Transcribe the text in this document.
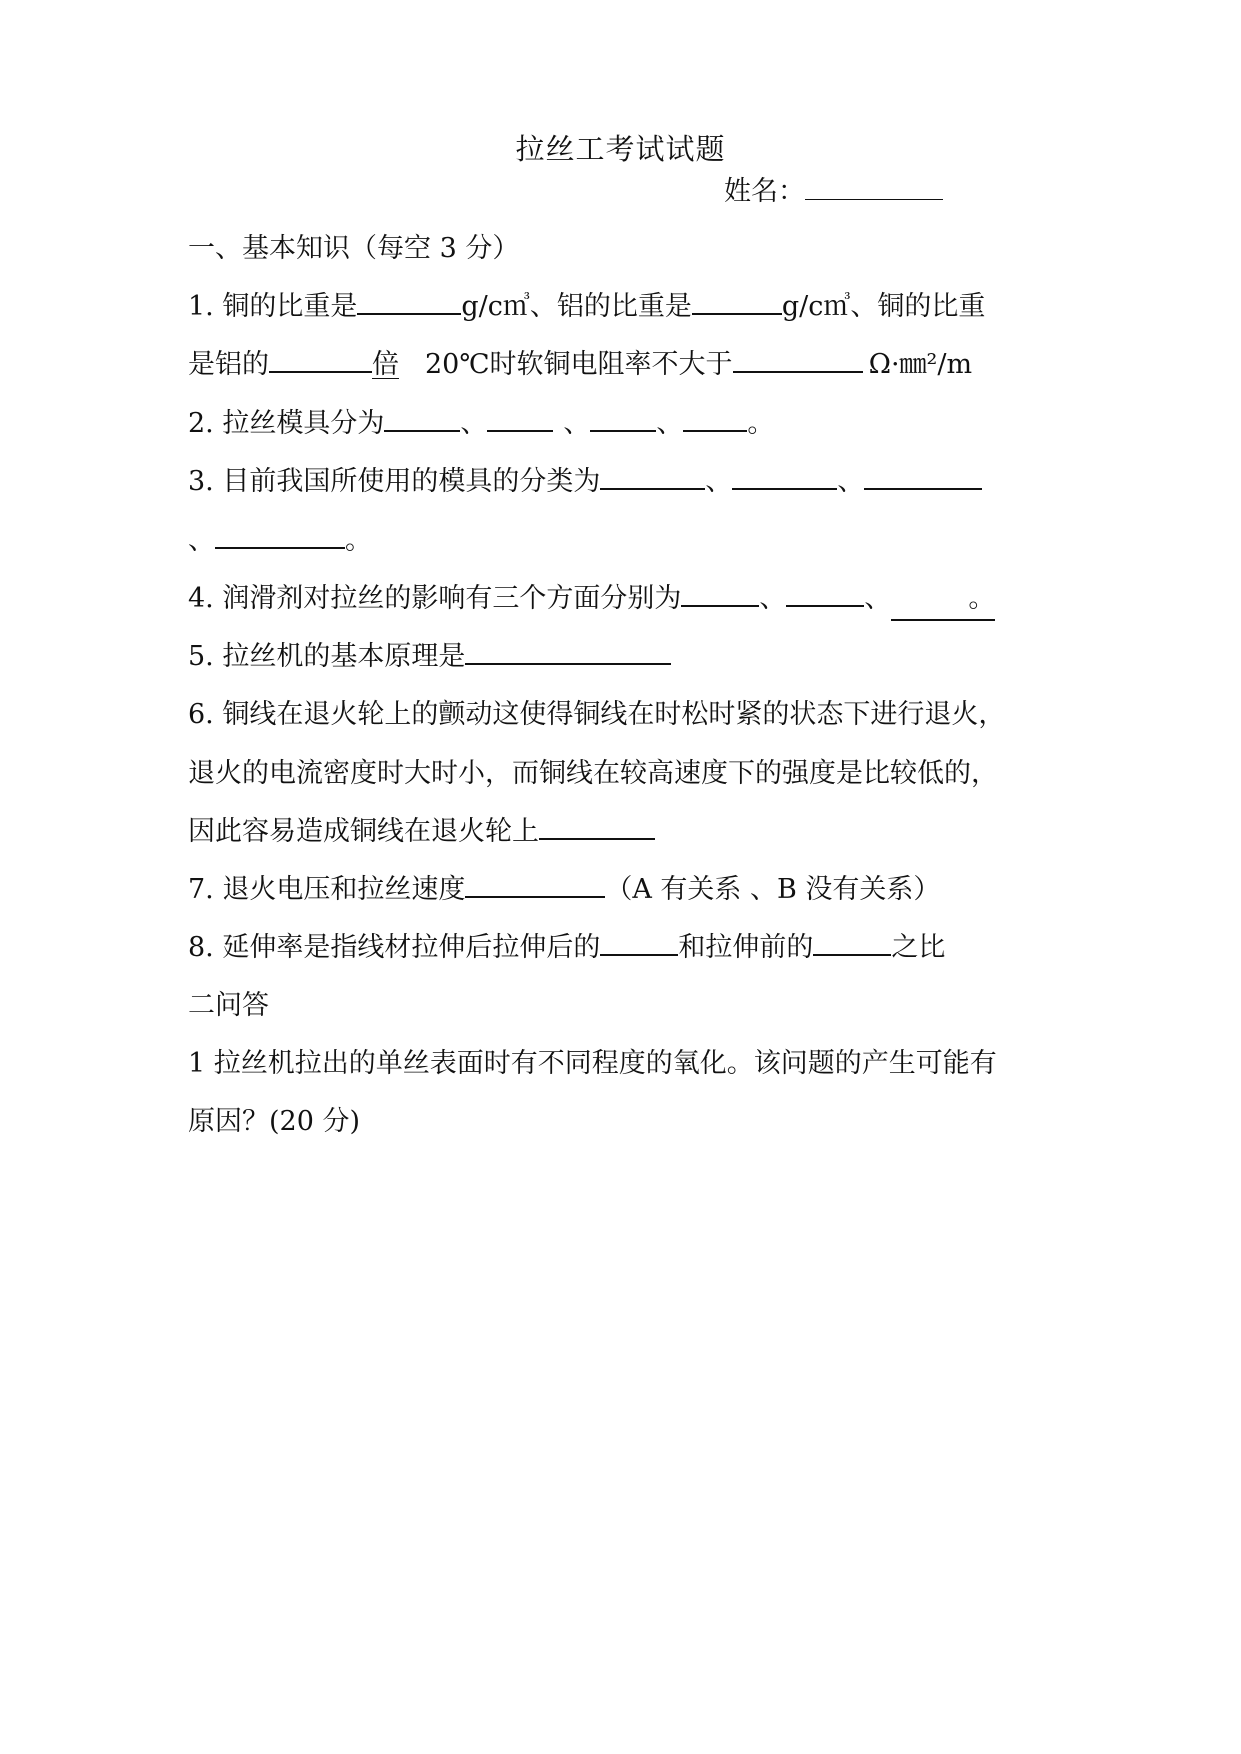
拉丝工考试试题
姓名：
一、基本知识（每空 3 分）
1. 铜的比重是	g/c㎥、铝的比重是	g/c㎥、铜的比重
是铝的	倍 20℃时软铜电阻率不大于	Ω·㎜²/m
2. 拉丝模具分为	、	、 、 。
3. 目前我国所使用的模具的分类为	、	、
、	。
4. 润滑剂对拉丝的影响有三个方面分别为	、	、	。
5. 拉丝机的基本原理是
6. 铜线在退火轮上的颤动这使得铜线在时松时紧的状态下进行退火，
退火的电流密度时大时小，而铜线在较高速度下的强度是比较低的，
因此容易造成铜线在退火轮上
7. 退火电压和拉丝速度	（A 有关系 、B 没有关系）
8. 延伸率是指线材拉伸后拉伸后的	和拉伸前的	之比
二问答
1 拉丝机拉出的单丝表面时有不同程度的氧化。该问题的产生可能有
原因？(20 分)
